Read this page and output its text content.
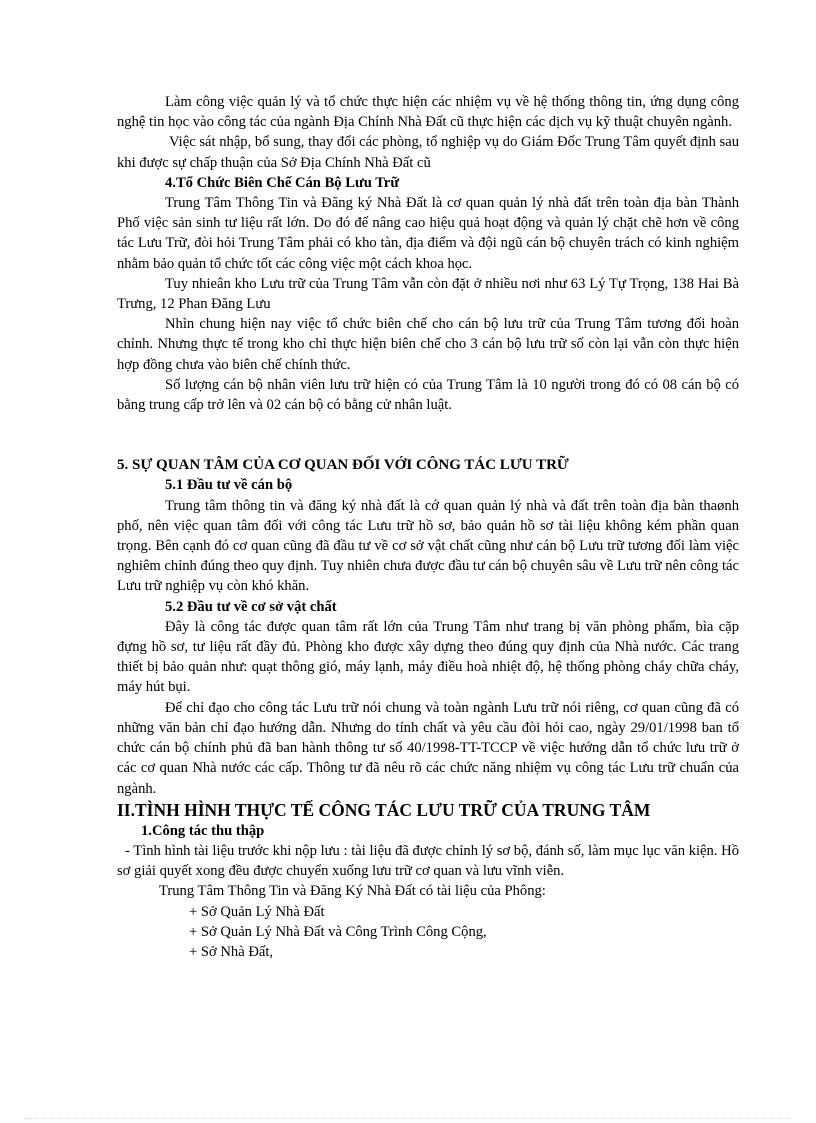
Làm công việc quản lý và tổ chức thực hiện các nhiệm vụ về hệ thống thông tin, ứng dụng công nghệ tin học vào công tác của ngành Địa Chính Nhà Đất cũ thực hiện các dịch vụ kỹ thuật chuyên ngành.

Việc sát nhập, bổ sung, thay đổi các phòng, tổ nghiệp vụ do Giám Đốc Trung Tâm quyết định sau khi được sự chấp thuận của Sở Địa Chính Nhà Đất cũ

4.Tổ Chức Biên Chế Cán Bộ Lưu Trữ

Trung Tâm Thông Tin và Đăng ký Nhà Đất là cơ quan quản lý nhà đất trên toàn địa bàn Thành Phố việc sản sinh tư liệu rất lớn. Do đó để nâng cao hiệu quả hoạt động và quản lý chặt chẽ hơn về công tác Lưu Trữ, đòi hỏi Trung Tâm phải có kho tàn, địa điểm và đội ngũ cán bộ chuyên trách có kinh nghiệm nhằm bảo quản tổ chức tốt các công việc một cách khoa học.

Tuy nhieân kho Lưu trữ của Trung Tâm vẫn còn đặt ở nhiều nơi như 63 Lý Tự Trọng, 138 Hai Bà Trưng, 12 Phan Đăng Lưu

Nhìn chung hiện nay việc tổ chức biên chế cho cán bộ lưu trữ của Trung Tâm tương đối hoàn chỉnh. Nhưng thực tế trong kho chỉ thực hiện biên chế cho 3 cán bộ lưu trữ số còn lại vẫn còn thực hiện hợp đồng chưa vào biên chế chính thức.

Số lượng cán bộ nhân viên lưu trữ hiện có của Trung Tâm là 10 người trong đó có 08 cán bộ có bằng trung cấp trở lên và 02 cán bộ có bằng cử nhân luật.

5. SỰ QUAN TÂM CỦA CƠ QUAN ĐỐI VỚI CÔNG TÁC LƯU TRỮ

5.1 Đầu tư về cán bộ

Trung tâm thông tin và đăng ký nhà đất là cớ quan quản lý nhà và đất trên toàn địa bàn thaønh phố, nên việc quan tâm đối với công tác Lưu trữ hồ sơ, bảo quản hồ sơ tài liệu không kém phần quan trọng. Bên cạnh đó cơ quan cũng đã đầu tư về cơ sở vật chất cũng như cán bộ Lưu trữ tương đối làm việc nghiêm chỉnh đúng theo quy định. Tuy nhiên chưa được đầu tư cán bộ chuyên sâu về Lưu trữ nên công tác Lưu trữ nghiệp vụ còn khó khăn.

5.2 Đầu tư về cơ sở vật chất

Đây là công tác được quan tâm rất lớn của Trung Tâm như trang bị văn phòng phẩm, bìa cặp đựng hồ sơ, tư liệu rất đầy đủ. Phòng kho được xây dựng theo đúng quy định của Nhà nước. Các trang thiết bị bảo quản như: quạt thông gió, máy lạnh, máy điều hoà nhiệt độ, hệ thống phòng cháy chữa cháy, máy hút bụi.

Để chỉ đạo cho công tác Lưu trữ nói chung và toàn ngành Lưu trữ nói riêng, cơ quan cũng đã có những văn bản chỉ đạo hướng dẫn. Nhưng do tính chất và yêu cầu đòi hỏi cao, ngày 29/01/1998 ban tổ chức cán bộ chính phủ đã ban hành thông tư số 40/1998-TT-TCCP về việc hướng dẫn tổ chức lưu trữ ở các cơ quan Nhà nước các cấp. Thông tư đã nêu rõ các chức năng nhiệm vụ công tác Lưu trữ chuẩn của ngành.

II.TÌNH HÌNH THỰC TẾ CÔNG TÁC LƯU TRỮ CỦA TRUNG TÂM

1.Công tác thu thập

- Tình hình tài liệu trước khi nộp lưu : tài liệu đã được chỉnh lý sơ bộ, đánh số, làm mục lục văn kiện. Hồ sơ giải quyết xong đều được chuyển xuống lưu trữ cơ quan và lưu vĩnh viễn.

Trung Tâm Thông Tin và Đăng Ký Nhà Đất có tài liệu của Phông:

+ Sở Quản Lý Nhà Đất

+ Sở Quản Lý Nhà Đất và Công Trình Công Cộng,

+ Sở Nhà Đất,
